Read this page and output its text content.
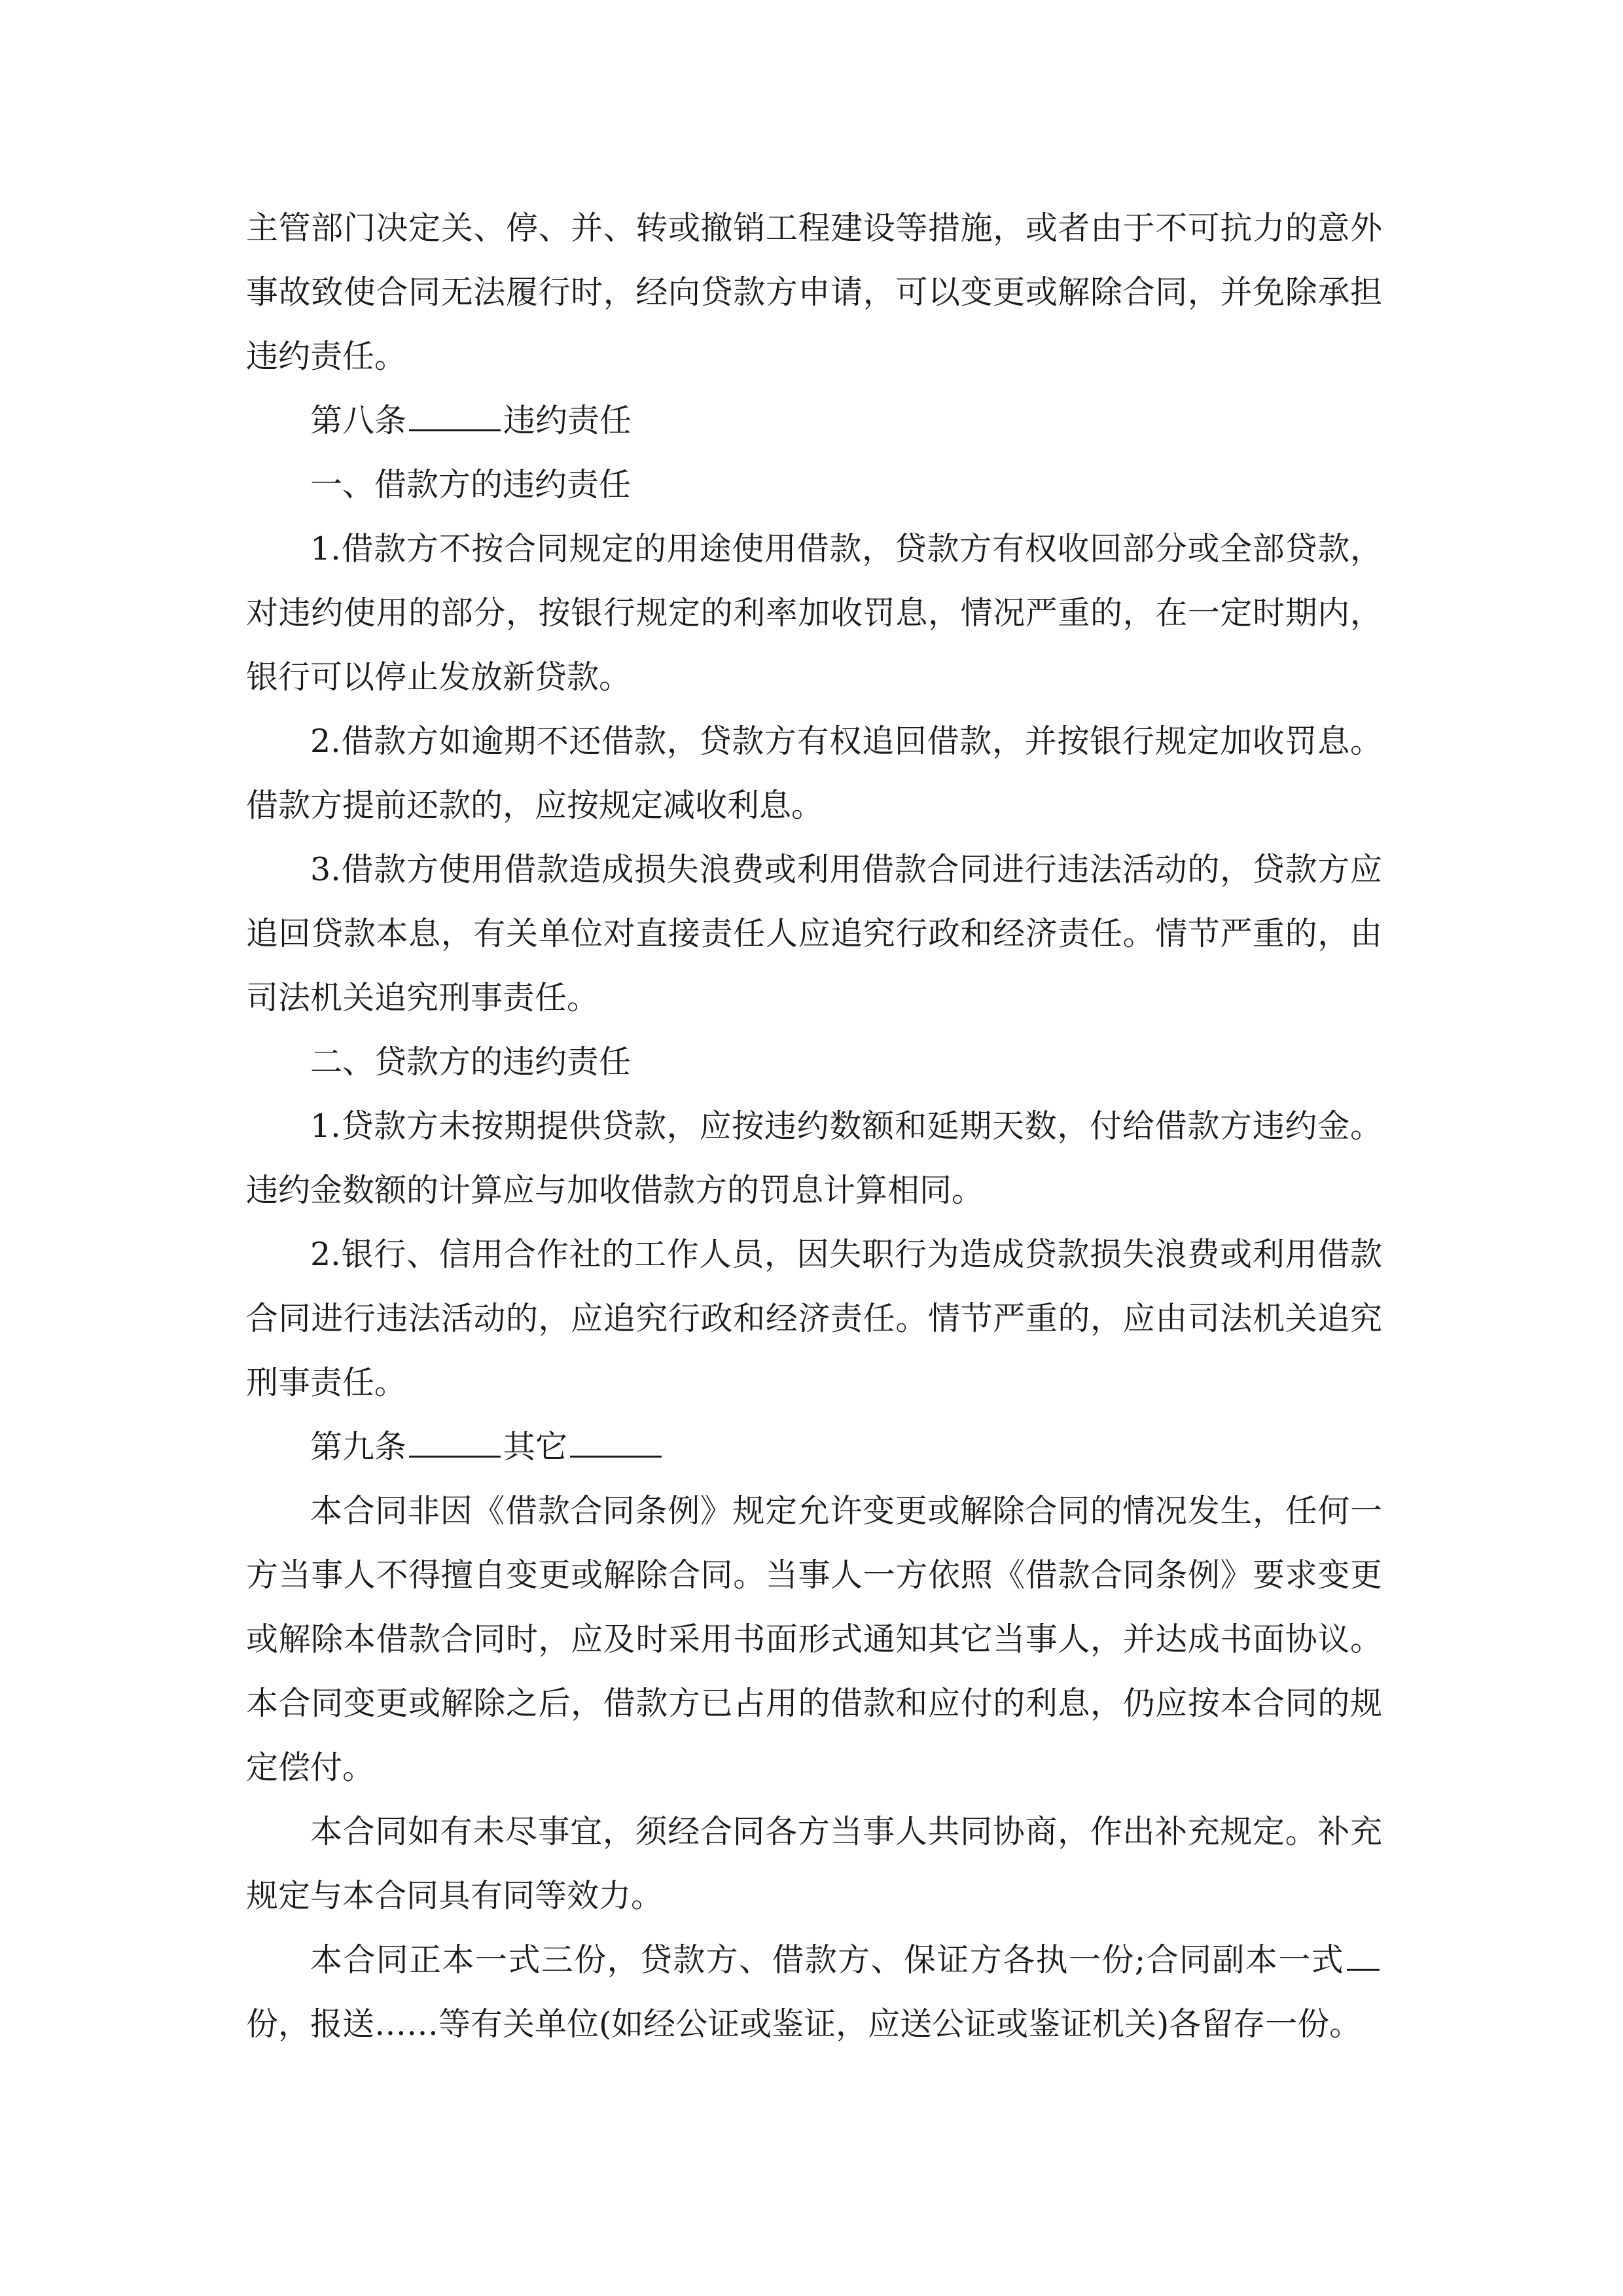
主管部门决定关、停、并、转或撤销工程建设等措施，或者由于不可抗力的意外事故致使合同无法履行时，经向贷款方申请，可以变更或解除合同，并免除承担违约责任。

第八条	违约责任

一、借款方的违约责任

1.借款方不按合同规定的用途使用借款，贷款方有权收回部分或全部贷款，对违约使用的部分，按银行规定的利率加收罚息，情况严重的，在一定时期内，银行可以停止发放新贷款。

2.借款方如逾期不还借款，贷款方有权追回借款，并按银行规定加收罚息。借款方提前还款的，应按规定减收利息。

3.借款方使用借款造成损失浪费或利用借款合同进行违法活动的，贷款方应追回贷款本息，有关单位对直接责任人应追究行政和经济责任。情节严重的，由司法机关追究刑事责任。

二、贷款方的违约责任

1.贷款方未按期提供贷款，应按违约数额和延期天数，付给借款方违约金。违约金数额的计算应与加收借款方的罚息计算相同。

2.银行、信用合作社的工作人员，因失职行为造成贷款损失浪费或利用借款合同进行违法活动的，应追究行政和经济责任。情节严重的，应由司法机关追究刑事责任。

第九条	其它

本合同非因《借款合同条例》规定允许变更或解除合同的情况发生，任何一方当事人不得擅自变更或解除合同。当事人一方依照《借款合同条例》要求变更或解除本借款合同时，应及时采用书面形式通知其它当事人，并达成书面协议。本合同变更或解除之后，借款方已占用的借款和应付的利息，仍应按本合同的规定偿付。

本合同如有未尽事宜，须经合同各方当事人共同协商，作出补充规定。补充规定与本合同具有同等效力。

本合同正本一式三份，贷款方、借款方、保证方各执一份;合同副本一式份，报送……等有关单位(如经公证或鉴证，应送公证或鉴证机关)各留存一份。
